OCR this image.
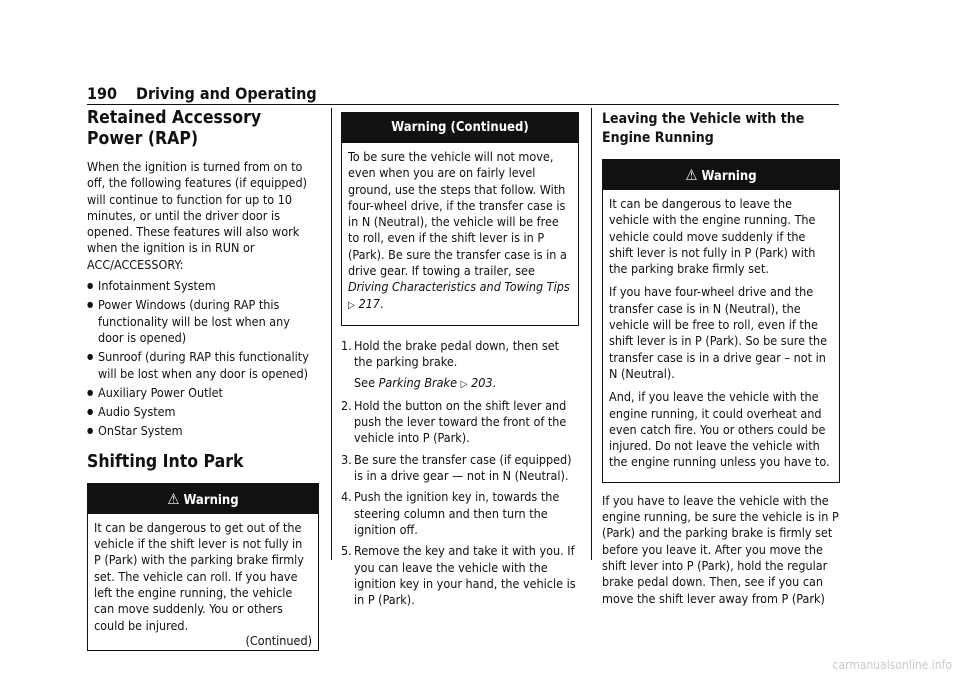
190 Driving and Operating
Retained Accessory Power (RAP)
When the ignition is turned from on to off, the following features (if equipped) will continue to function for up to 10 minutes, or until the driver door is opened. These features will also work when the ignition is in RUN or ACC/ACCESSORY:
● Infotainment System
● Power Windows (during RAP this functionality will be lost when any door is opened)
● Sunroof (during RAP this functionality will be lost when any door is opened)
● Auxiliary Power Outlet
● Audio System
● OnStar System
Shifting Into Park
⚠ Warning

It can be dangerous to get out of the vehicle if the shift lever is not fully in P (Park) with the parking brake firmly set. The vehicle can roll. If you have left the engine running, the vehicle can move suddenly. You or others could be injured.

(Continued)
Warning (Continued)

To be sure the vehicle will not move, even when you are on fairly level ground, use the steps that follow. With four-wheel drive, if the transfer case is in N (Neutral), the vehicle will be free to roll, even if the shift lever is in P (Park). Be sure the transfer case is in a drive gear. If towing a trailer, see Driving Characteristics and Towing Tips ▷ 217.

1. Hold the brake pedal down, then set the parking brake.
See Parking Brake ▷ 203.
2. Hold the button on the shift lever and push the lever toward the front of the vehicle into P (Park).
3. Be sure the transfer case (if equipped) is in a drive gear — not in N (Neutral).
4. Push the ignition key in, towards the steering column and then turn the ignition off.
5. Remove the key and take it with you. If you can leave the vehicle with the ignition key in your hand, the vehicle is in P (Park).
Leaving the Vehicle with the Engine Running
⚠ Warning

It can be dangerous to leave the vehicle with the engine running. The vehicle could move suddenly if the shift lever is not fully in P (Park) with the parking brake firmly set.

If you have four-wheel drive and the transfer case is in N (Neutral), the vehicle will be free to roll, even if the shift lever is in P (Park). So be sure the transfer case is in a drive gear – not in N (Neutral).

And, if you leave the vehicle with the engine running, it could overheat and even catch fire. You or others could be injured. Do not leave the vehicle with the engine running unless you have to.

If you have to leave the vehicle with the engine running, be sure the vehicle is in P (Park) and the parking brake is firmly set before you leave it. After you move the shift lever into P (Park), hold the regular brake pedal down. Then, see if you can move the shift lever away from P (Park)
carmanualsonline.info
